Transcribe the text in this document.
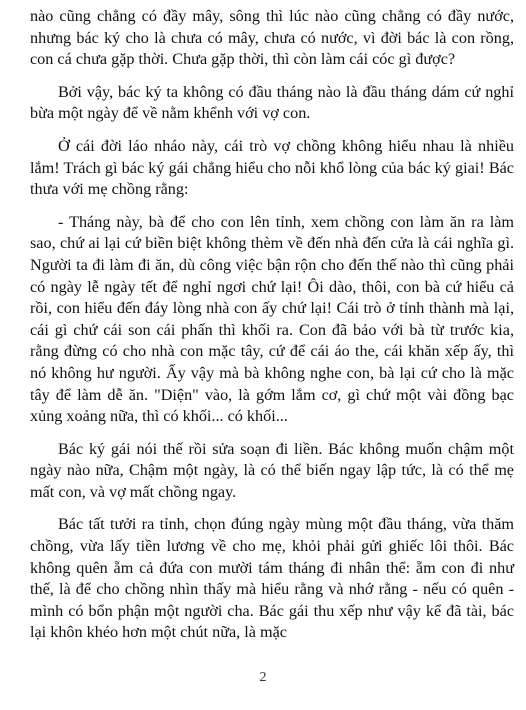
nào cũng chẳng có đầy mây, sông thì lúc nào cũng chẳng có đầy nước, nhưng bác ký cho là chưa có mây, chưa có nước, vì đời bác là con rồng, con cá chưa gặp thời. Chưa gặp thời, thì còn làm cái cóc gì được?

Bởi vậy, bác ký ta không có đầu tháng nào là đầu tháng dám cứ nghỉ bừa một ngày để về nằm khểnh với vợ con.

Ở cái đời láo nháo này, cái trò vợ chồng không hiểu nhau là nhiều lắm! Trách gì bác ký gái chẳng hiểu cho nỗi khổ lòng của bác ký giai! Bác thưa với mẹ chồng rằng:

- Tháng này, bà để cho con lên tỉnh, xem chồng con làm ăn ra làm sao, chứ ai lại cứ biền biệt không thèm về đến nhà đến cửa là cái nghĩa gì. Người ta đi làm đi ăn, dù công việc bận rộn cho đến thế nào thì cũng phải có ngày lễ ngày tết để nghỉ ngơi chứ lại! Ôi dào, thôi, con bà cứ hiểu cả rồi, con hiểu đến đáy lòng nhà con ấy chứ lại! Cái trò ở tỉnh thành mà lại, cái gì chứ cái son cái phấn thì khối ra. Con đã bảo với bà từ trước kia, rằng đừng có cho nhà con mặc tây, cứ để cái áo the, cái khăn xếp ấy, thì nó không hư người. Ấy vậy mà bà không nghe con, bà lại cứ cho là mặc tây để làm dễ ăn. "Diện" vào, là gớm lắm cơ, gì chứ một vài đồng bạc xủng xoảng nữa, thì có khối... có khối...

Bác ký gái nói thế rồi sửa soạn đi liền. Bác không muốn chậm một ngày nào nữa, Chậm một ngày, là có thể biến ngay lập tức, là có thể mẹ mất con, và vợ mất chồng ngay.

Bác tất tưởi ra tỉnh, chọn đúng ngày mùng một đầu tháng, vừa thăm chồng, vừa lấy tiền lương về cho mẹ, khỏi phải gửi ghiếc lôi thôi. Bác không quên ẵm cả đứa con mười tám tháng đi nhân thể: ẵm con đi như thế, là để cho chồng nhìn thấy mà hiểu rằng và nhớ rằng - nếu có quên - mình có bổn phận một người cha. Bác gái thu xếp như vậy kể đã tài, bác lại khôn khéo hơn một chút nữa, là mặc

2
